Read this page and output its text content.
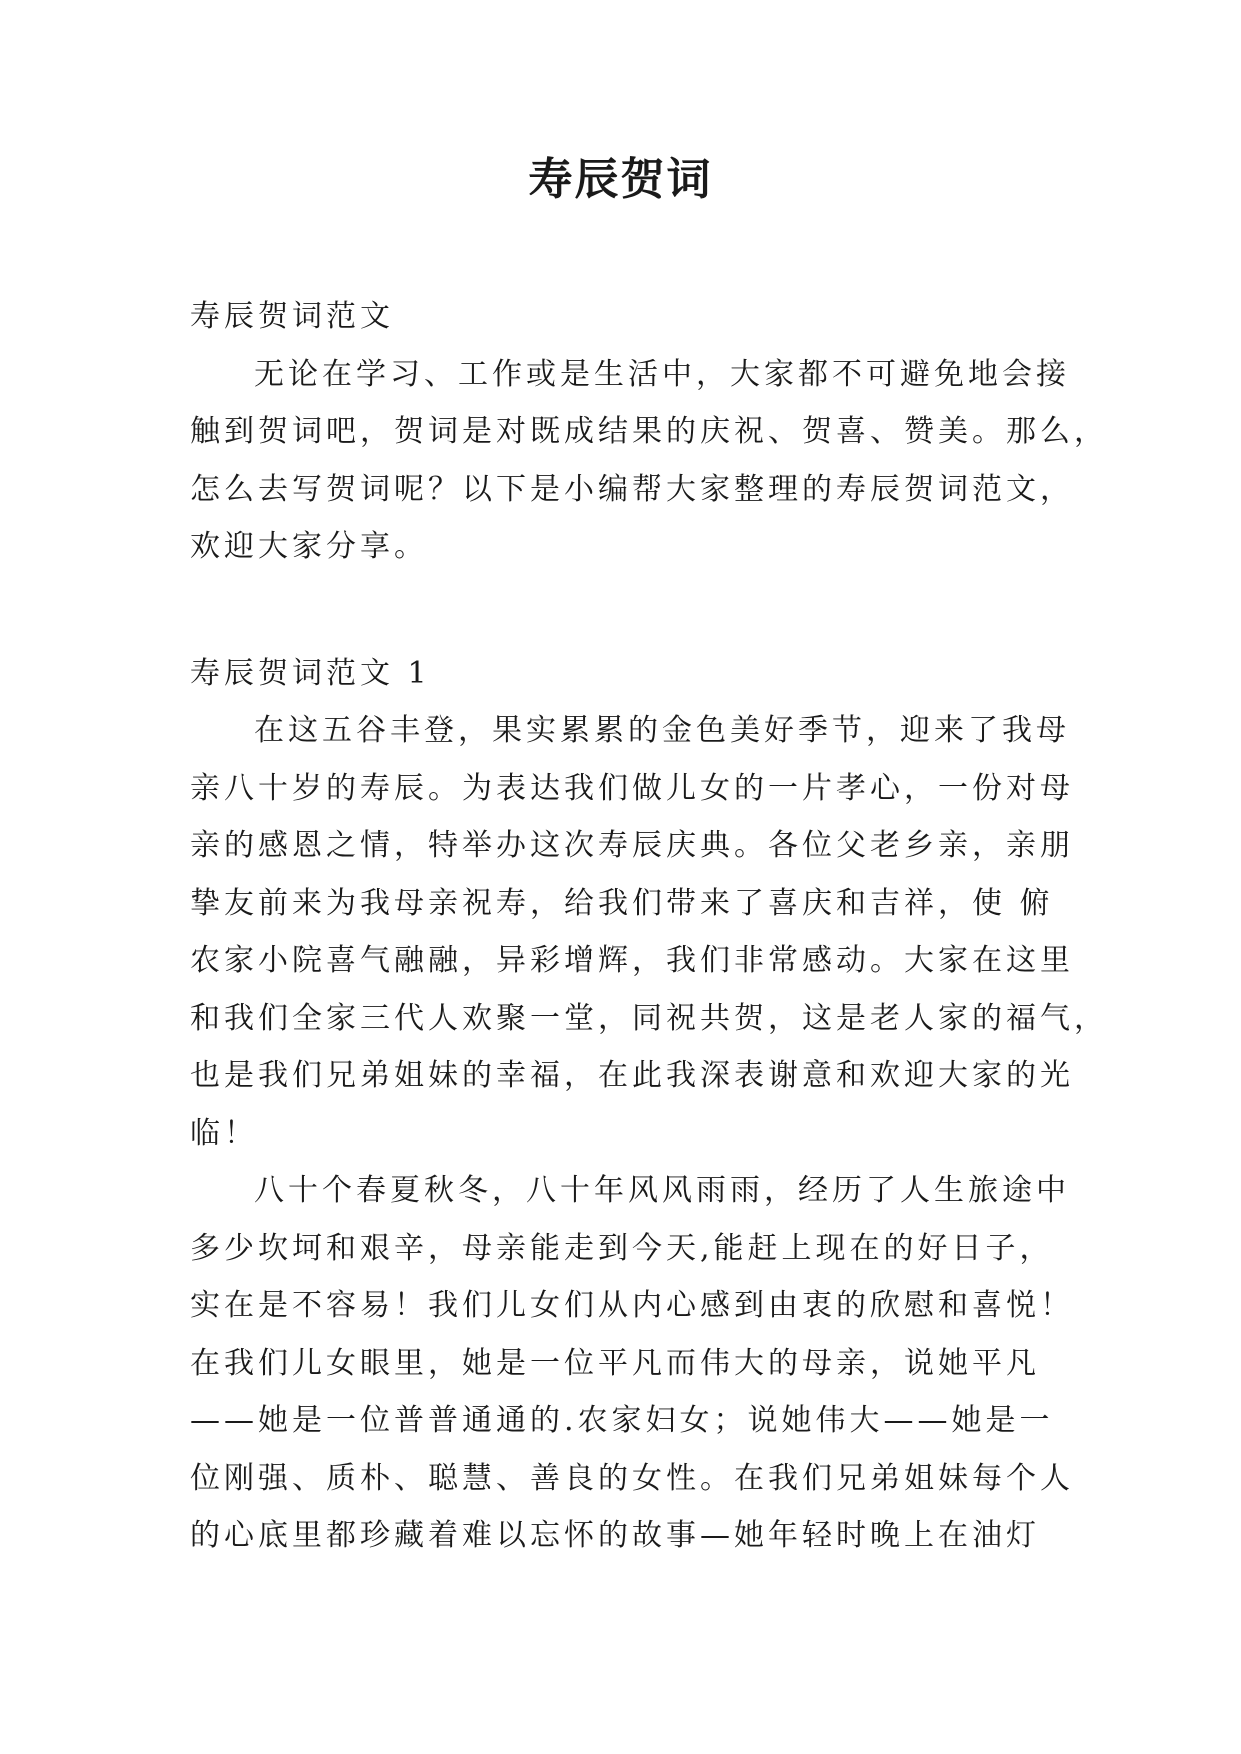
寿辰贺词
寿辰贺词范文
无论在学习、工作或是生活中，大家都不可避免地会接
触到贺词吧，贺词是对既成结果的庆祝、贺喜、赞美。那么，
怎么去写贺词呢？以下是小编帮大家整理的寿辰贺词范文，
欢迎大家分享。
寿辰贺词范文 1
在这五谷丰登，果实累累的金色美好季节，迎来了我母
亲八十岁的寿辰。为表达我们做儿女的一片孝心，一份对母
亲的感恩之情，特举办这次寿辰庆典。各位父老乡亲，亲朋
挚友前来为我母亲祝寿，给我们带来了喜庆和吉祥，使 俯
农家小院喜气融融，异彩增辉，我们非常感动。大家在这里
和我们全家三代人欢聚一堂，同祝共贺，这是老人家的福气，
也是我们兄弟姐妹的幸福，在此我深表谢意和欢迎大家的光
临！
八十个春夏秋冬，八十年风风雨雨，经历了人生旅途中
多少坎坷和艰辛，母亲能走到今天,能赶上现在的好日子，
实在是不容易！我们儿女们从内心感到由衷的欣慰和喜悦！
在我们儿女眼里，她是一位平凡而伟大的母亲，说她平凡
——她是一位普普通通的.农家妇女；说她伟大——她是一
位刚强、质朴、聪慧、善良的女性。在我们兄弟姐妹每个人
的心底里都珍藏着难以忘怀的故事—她年轻时晚上在油灯
